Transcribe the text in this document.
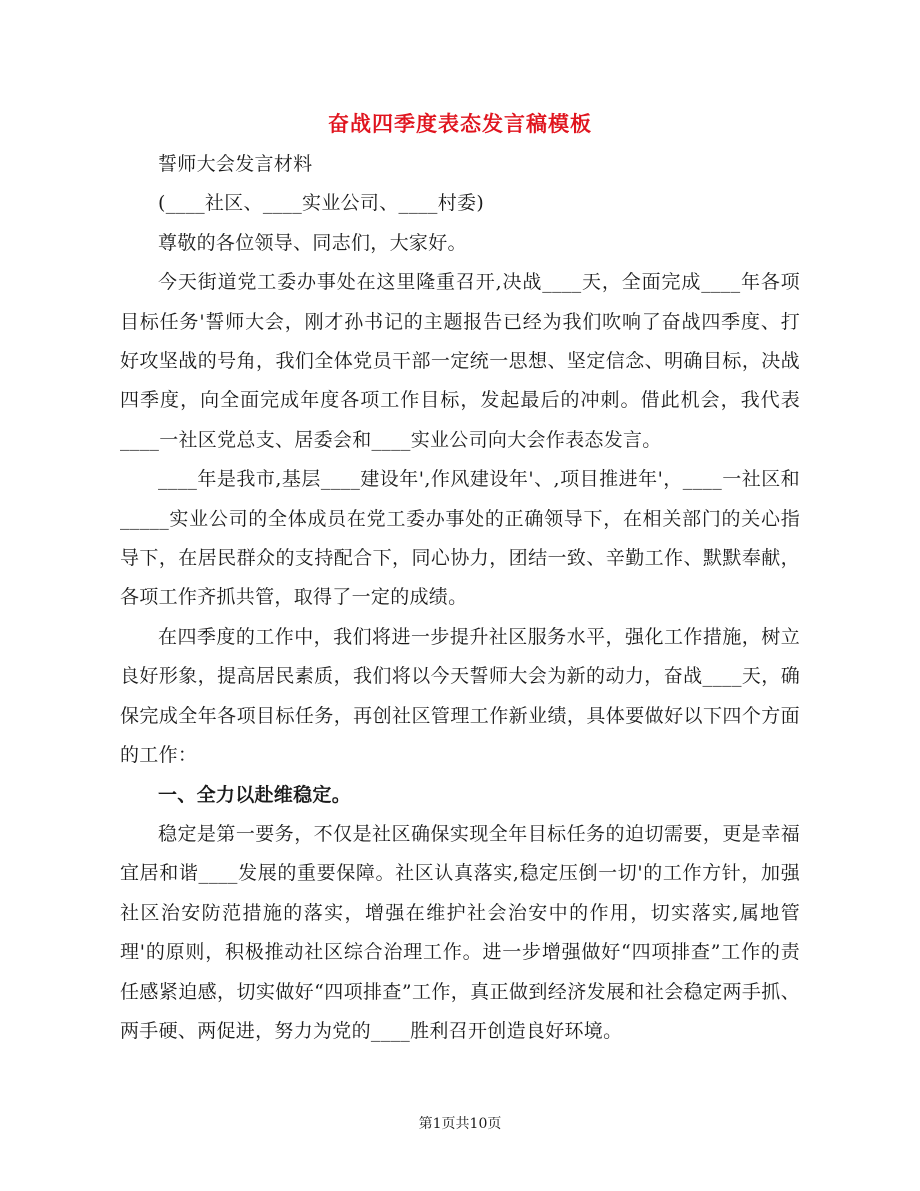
奋战四季度表态发言稿模板

誓师大会发言材料

(____社区、____实业公司、____村委)

尊敬的各位领导、同志们，大家好。

今天街道党工委办事处在这里隆重召开,决战____天，全面完成____年各项目标任务'誓师大会，刚才孙书记的主题报告已经为我们吹响了奋战四季度、打好攻坚战的号角，我们全体党员干部一定统一思想、坚定信念、明确目标，决战四季度，向全面完成年度各项工作目标，发起最后的冲刺。借此机会，我代表____一社区党总支、居委会和____实业公司向大会作表态发言。

____年是我市,基层____建设年',作风建设年'、,项目推进年'，____一社区和_____实业公司的全体成员在党工委办事处的正确领导下，在相关部门的关心指导下，在居民群众的支持配合下，同心协力，团结一致、辛勤工作、默默奉献，各项工作齐抓共管，取得了一定的成绩。

在四季度的工作中，我们将进一步提升社区服务水平，强化工作措施，树立良好形象，提高居民素质，我们将以今天誓师大会为新的动力，奋战____天，确保完成全年各项目标任务，再创社区管理工作新业绩，具体要做好以下四个方面的工作：

一、全力以赴维稳定。

稳定是第一要务，不仅是社区确保实现全年目标任务的迫切需要，更是幸福宜居和谐____发展的重要保障。社区认真落实,稳定压倒一切'的工作方针，加强社区治安防范措施的落实，增强在维护社会治安中的作用，切实落实,属地管理'的原则，积极推动社区综合治理工作。进一步增强做好“四项排查”工作的责任感紧迫感，切实做好“四项排查”工作，真正做到经济发展和社会稳定两手抓、两手硬、两促进，努力为党的____胜利召开创造良好环境。

第1页共10页
